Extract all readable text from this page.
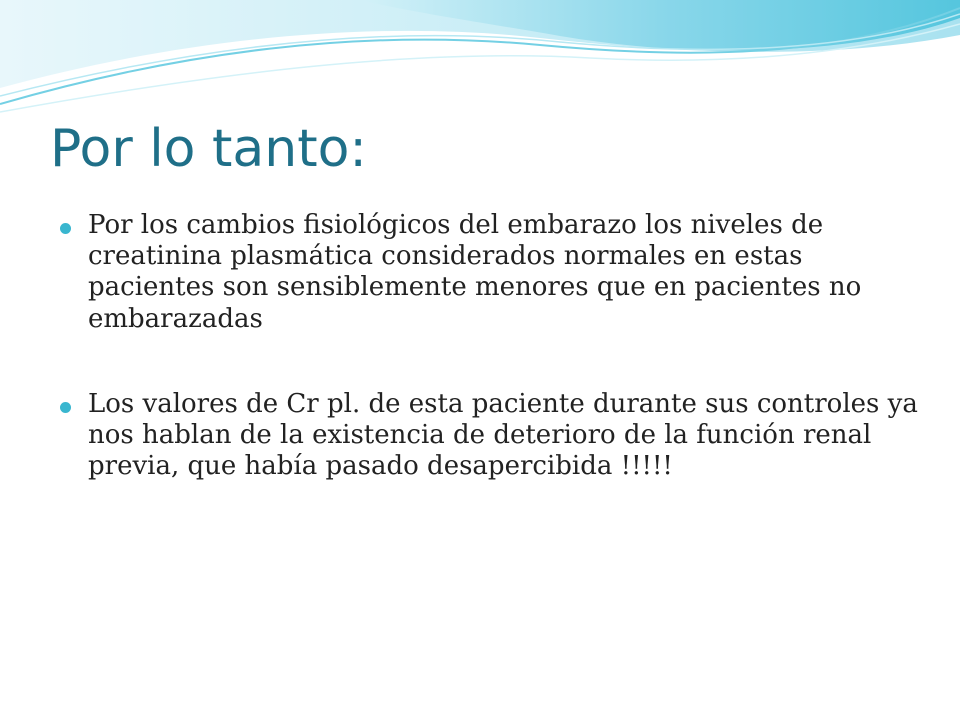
Por lo tanto:
Por los cambios fisiológicos del embarazo los niveles de creatinina plasmática considerados normales en estas pacientes son sensiblemente menores que en pacientes no embarazadas
Los valores de Cr pl. de esta paciente durante sus controles ya nos hablan de la existencia de deterioro de la función renal previa, que había pasado desapercibida !!!!!
